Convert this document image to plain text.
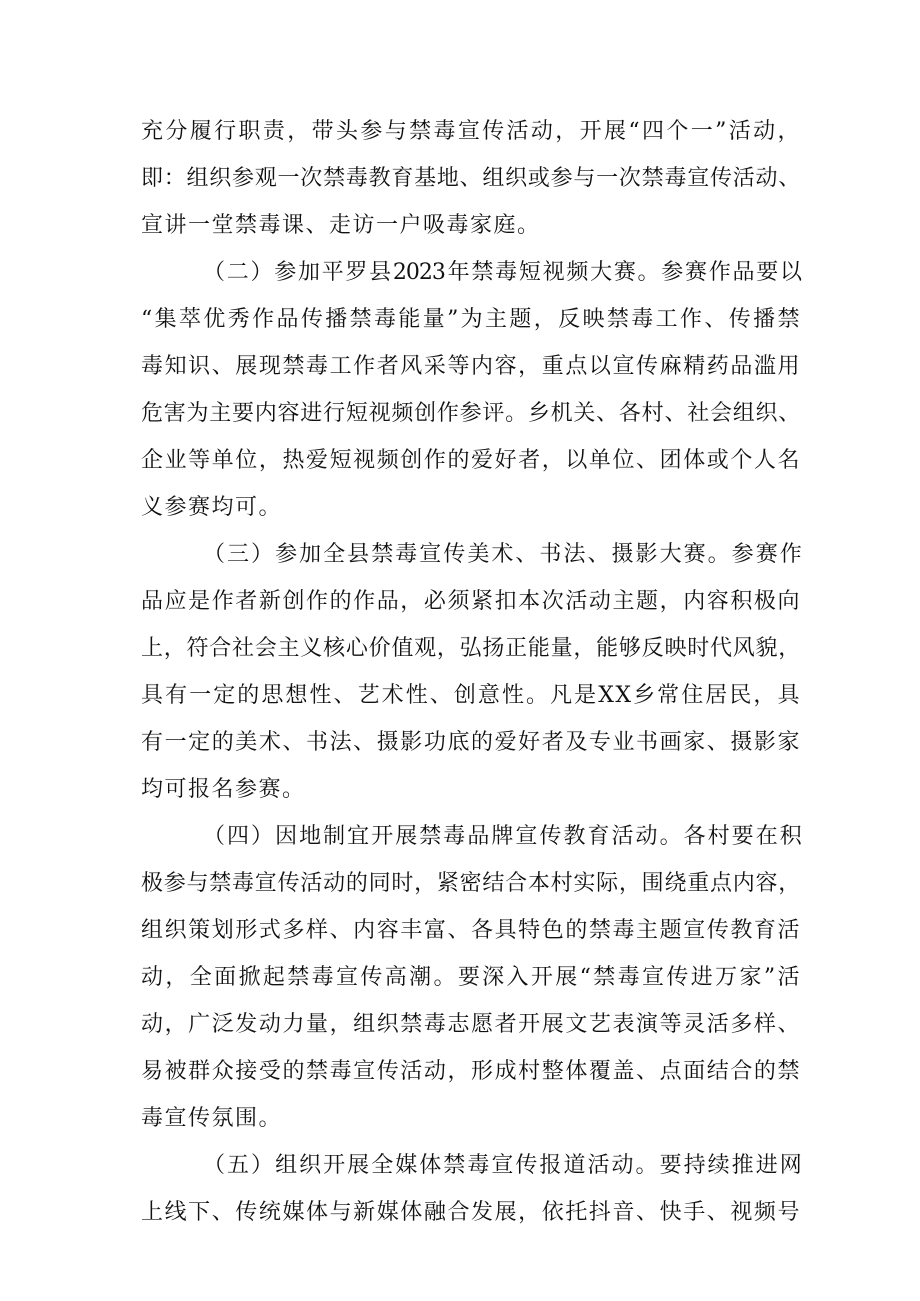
充分履行职责，带头参与禁毒宣传活动，开展“四个一”活动，
即：组织参观一次禁毒教育基地、组织或参与一次禁毒宣传活动、
宣讲一堂禁毒课、走访一户吸毒家庭。
（二）参加平罗县2023年禁毒短视频大赛。参赛作品要以
“集萃优秀作品传播禁毒能量”为主题，反映禁毒工作、传播禁
毒知识、展现禁毒工作者风采等内容，重点以宣传麻精药品滥用
危害为主要内容进行短视频创作参评。乡机关、各村、社会组织、
企业等单位，热爱短视频创作的爱好者，以单位、团体或个人名
义参赛均可。
（三）参加全县禁毒宣传美术、书法、摄影大赛。参赛作
品应是作者新创作的作品，必须紧扣本次活动主题，内容积极向
上，符合社会主义核心价值观，弘扬正能量，能够反映时代风貌，
具有一定的思想性、艺术性、创意性。凡是XX乡常住居民，具
有一定的美术、书法、摄影功底的爱好者及专业书画家、摄影家
均可报名参赛。
（四）因地制宜开展禁毒品牌宣传教育活动。各村要在积
极参与禁毒宣传活动的同时，紧密结合本村实际，围绕重点内容，
组织策划形式多样、内容丰富、各具特色的禁毒主题宣传教育活
动，全面掀起禁毒宣传高潮。要深入开展“禁毒宣传进万家”活
动，广泛发动力量，组织禁毒志愿者开展文艺表演等灵活多样、
易被群众接受的禁毒宣传活动，形成村整体覆盖、点面结合的禁
毒宣传氛围。
（五）组织开展全媒体禁毒宣传报道活动。要持续推进网
上线下、传统媒体与新媒体融合发展，依托抖音、快手、视频号
